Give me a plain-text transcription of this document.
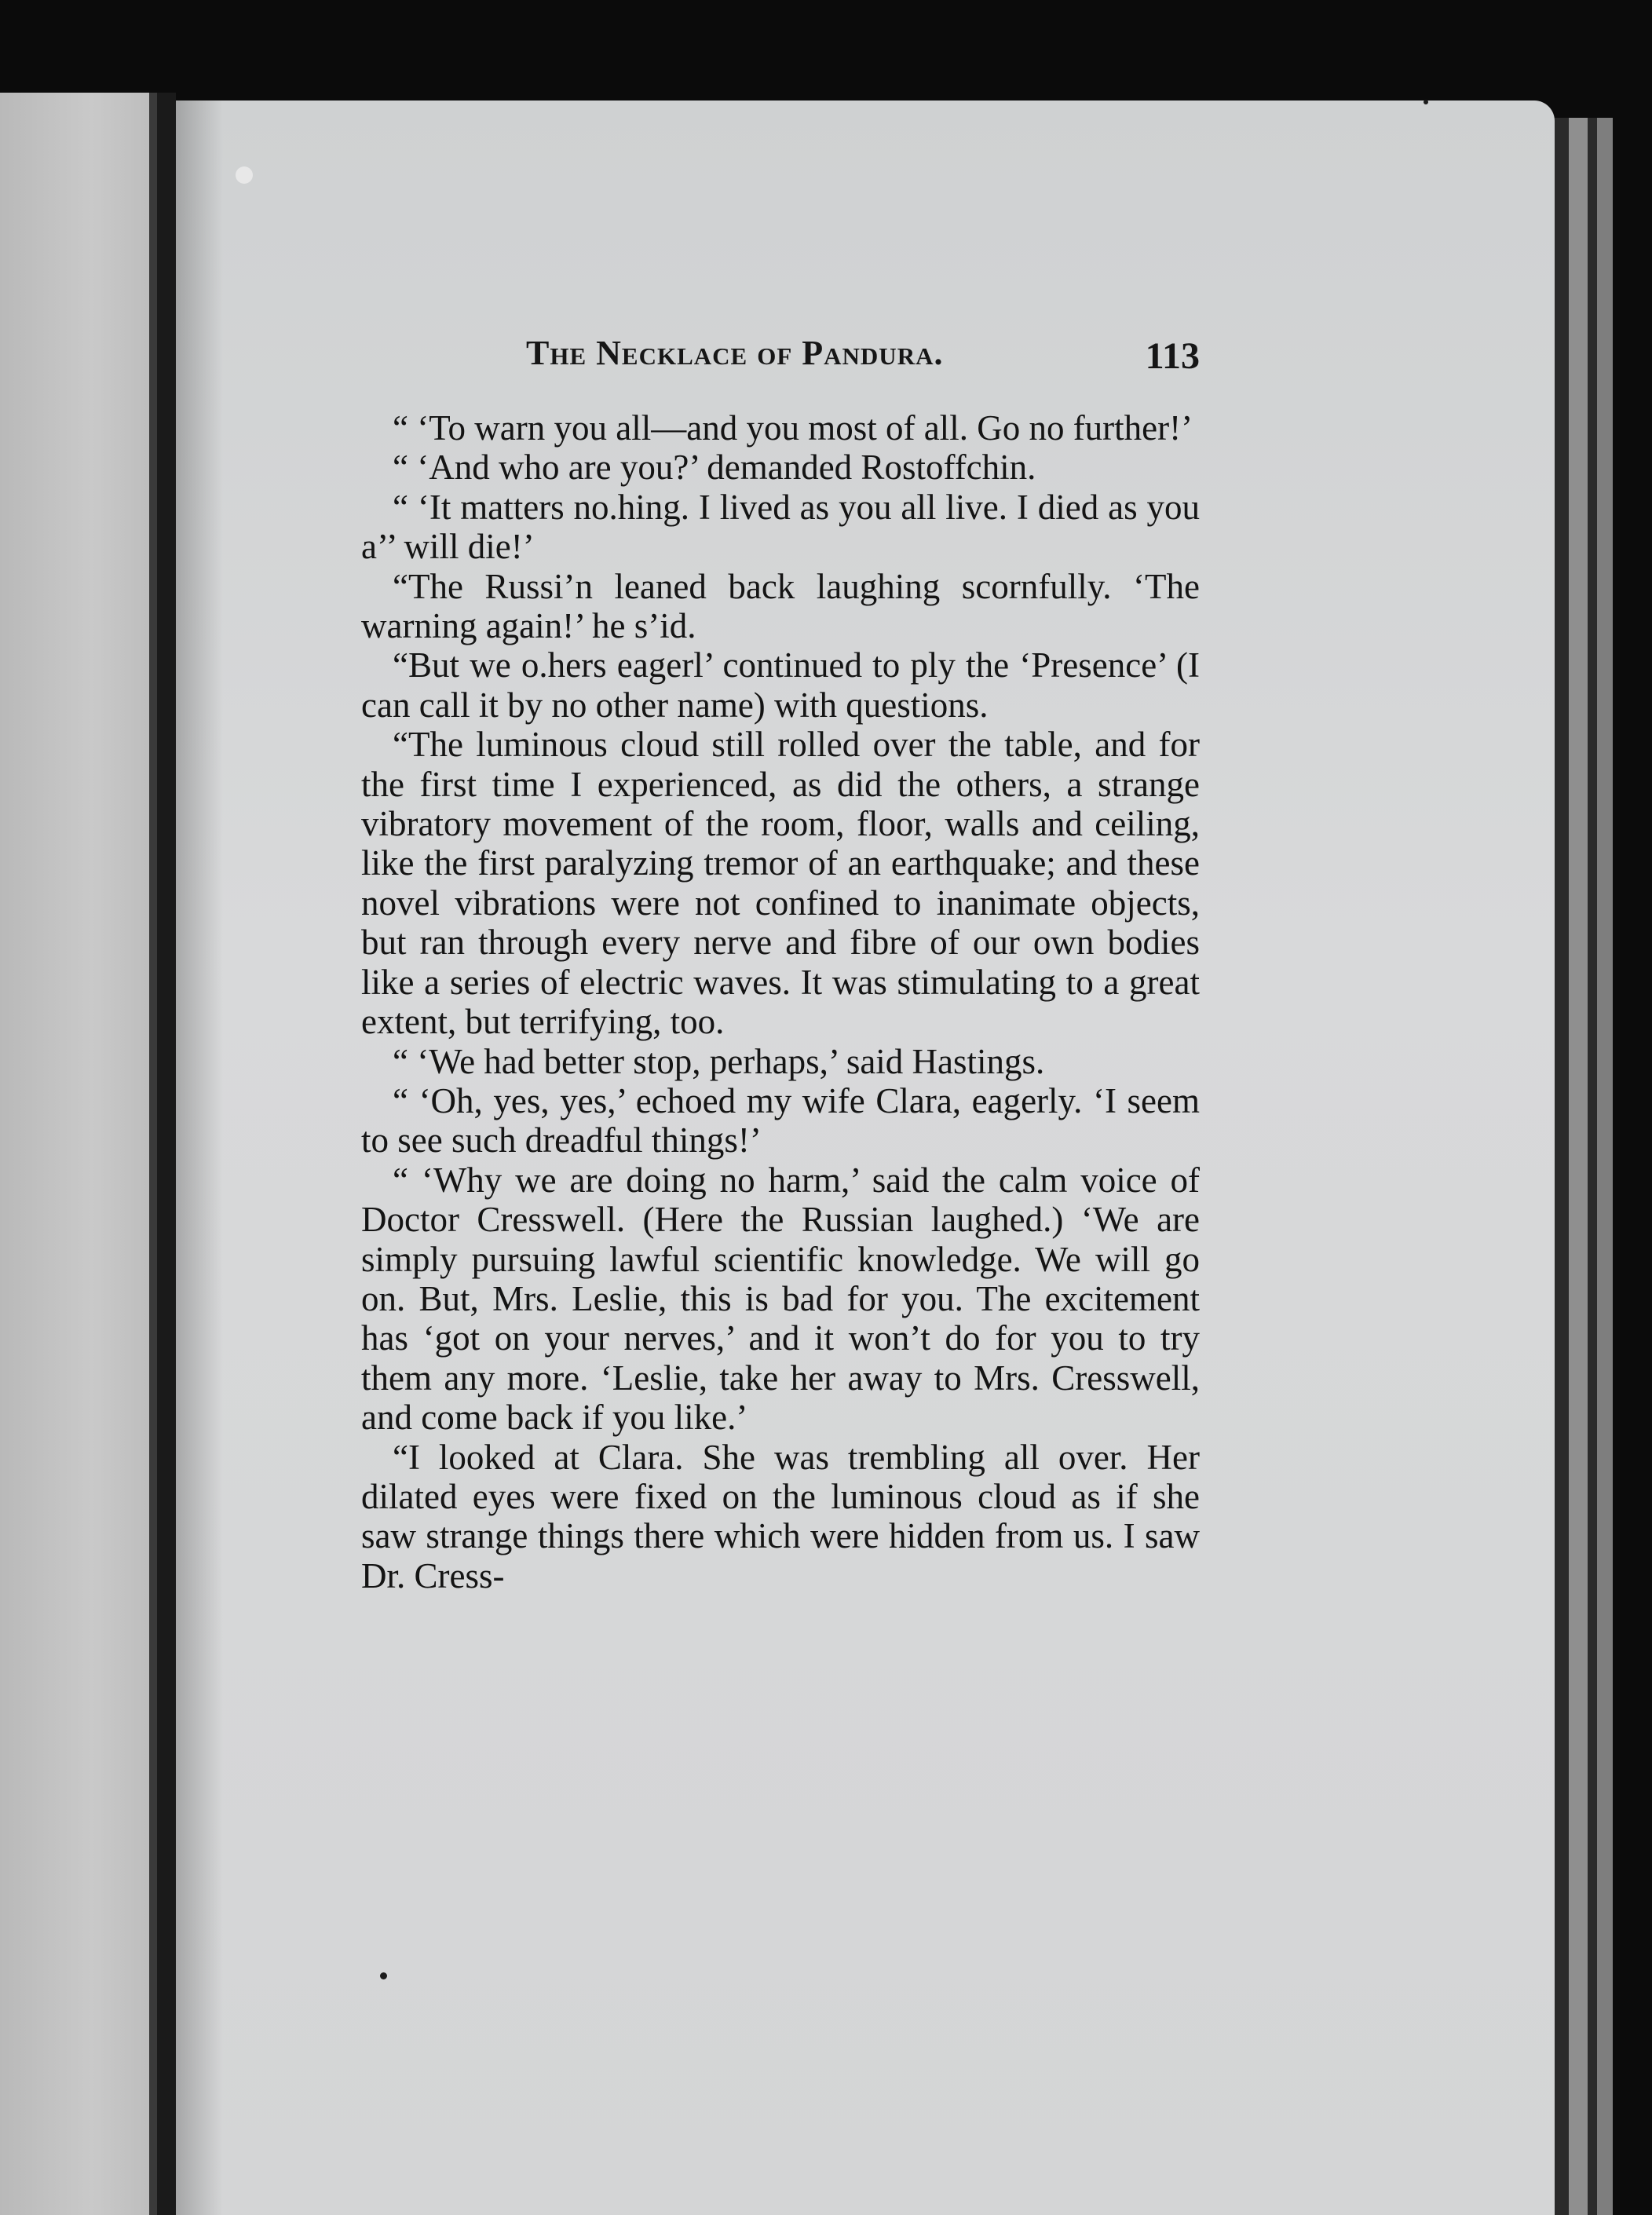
The Necklace of Pandura.	113

“ ‘To warn you all—and you most of all. Go no further!’

“ ‘And who are you?’ demanded Rostoffchin.

“ ‘It matters no.hing. I lived as you all live. I died as you a’’ will die!’

“The Russi’n leaned back laughing scornfully. ‘The warning again!’ he s’id.

“But we o.hers eagerl’ continued to ply the ‘Presence’ (I can call it by no other name) with questions.

“The luminous cloud still rolled over the table, and for the first time I experienced, as did the others, a strange vibratory movement of the room, floor, walls and ceiling, like the first paralyzing tremor of an earthquake; and these novel vibrations were not confined to inanimate objects, but ran through every nerve and fibre of our own bodies like a series of electric waves. It was stimulating to a great extent, but terrifying, too.

“ ‘We had better stop, perhaps,’ said Hastings.

“ ‘Oh, yes, yes,’ echoed my wife Clara, eagerly. ‘I seem to see such dreadful things!’

“ ‘Why we are doing no harm,’ said the calm voice of Doctor Cresswell. (Here the Russian laughed.) ‘We are simply pursuing lawful scientific knowledge. We will go on. But, Mrs. Leslie, this is bad for you. The excitement has ‘got on your nerves,’ and it won’t do for you to try them any more. ‘Leslie, take her away to Mrs. Cresswell, and come back if you like.’

“I looked at Clara. She was trembling all over. Her dilated eyes were fixed on the luminous cloud as if she saw strange things there which were hidden from us. I saw Dr. Cress-
